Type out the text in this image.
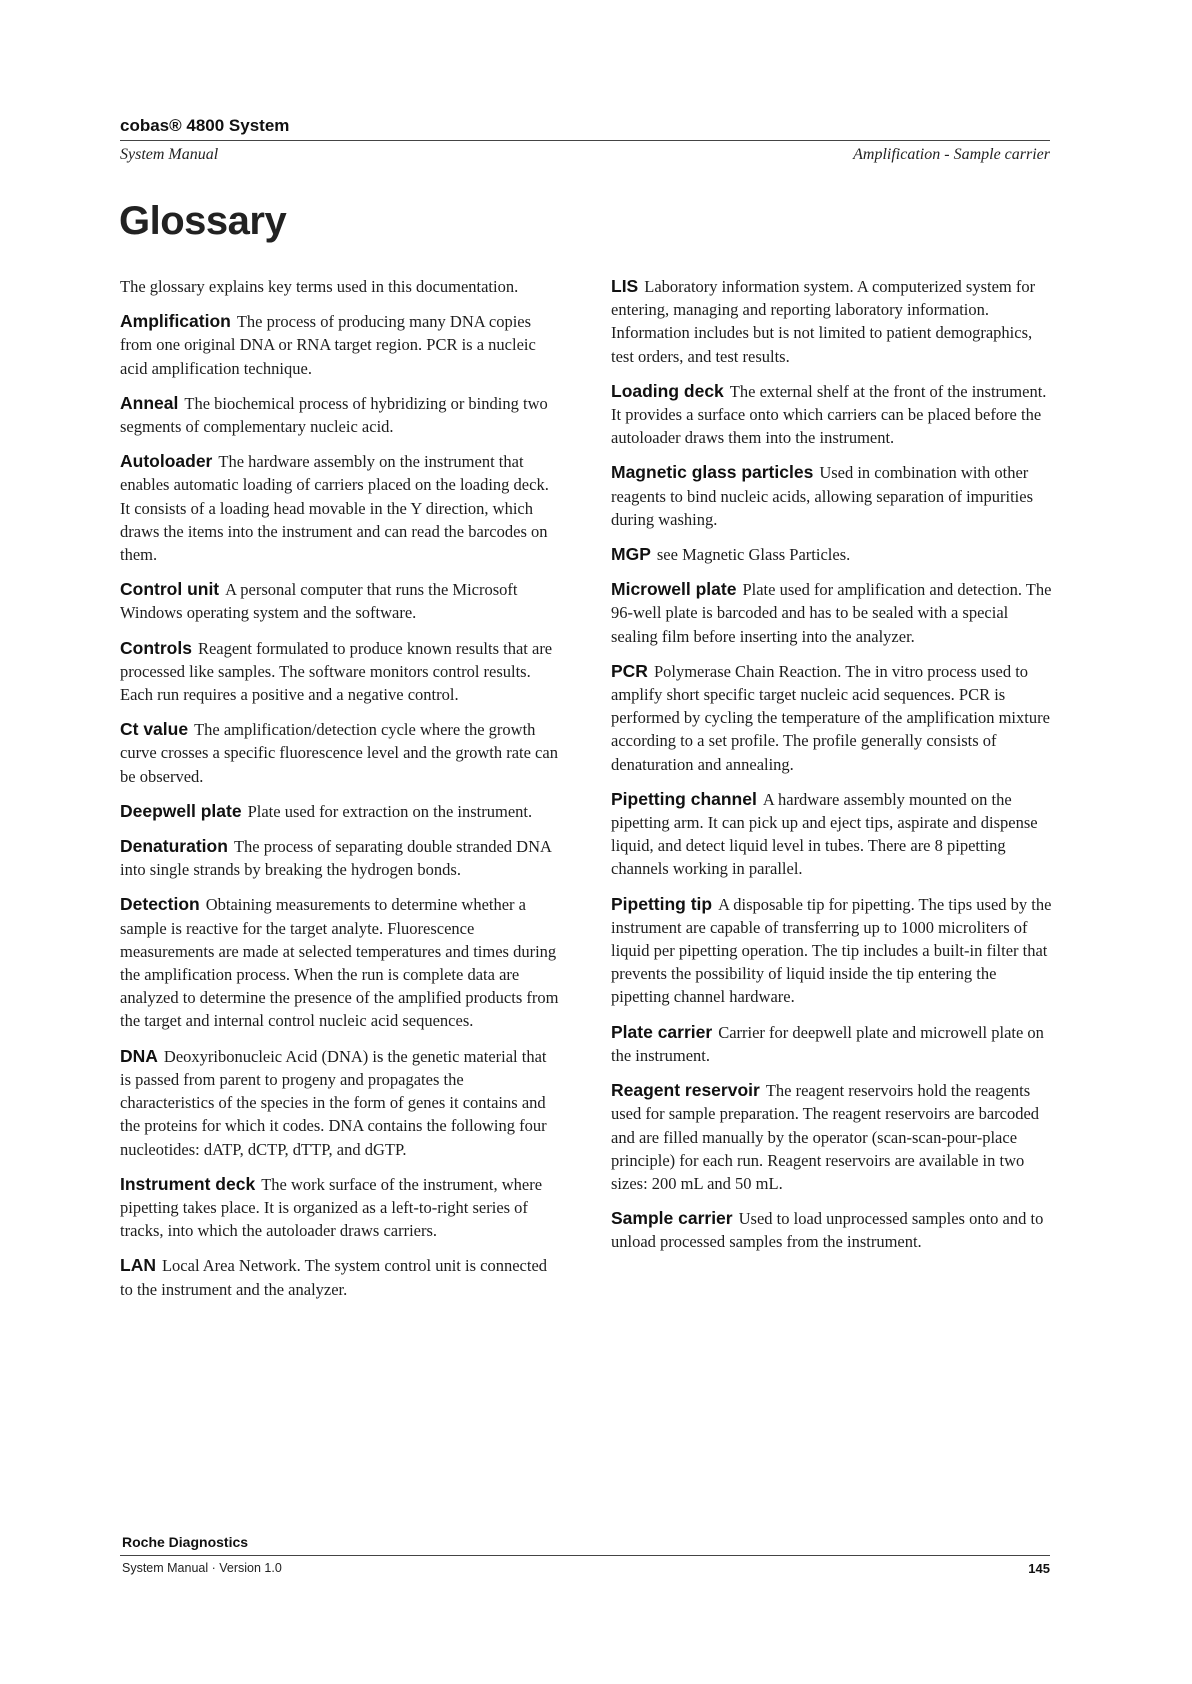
cobas® 4800 System
System Manual	Amplification - Sample carrier
Glossary

The glossary explains key terms used in this documentation.

Amplification The process of producing many DNA copies from one original DNA or RNA target region. PCR is a nucleic acid amplification technique.

Anneal The biochemical process of hybridizing or binding two segments of complementary nucleic acid.

Autoloader The hardware assembly on the instrument that enables automatic loading of carriers placed on the loading deck. It consists of a loading head movable in the Y direction, which draws the items into the instrument and can read the barcodes on them.

Control unit A personal computer that runs the Microsoft Windows operating system and the software.

Controls Reagent formulated to produce known results that are processed like samples. The software monitors control results. Each run requires a positive and a negative control.

Ct value The amplification/detection cycle where the growth curve crosses a specific fluorescence level and the growth rate can be observed.

Deepwell plate Plate used for extraction on the instrument.

Denaturation The process of separating double stranded DNA into single strands by breaking the hydrogen bonds.

Detection Obtaining measurements to determine whether a sample is reactive for the target analyte. Fluorescence measurements are made at selected temperatures and times during the amplification process. When the run is complete data are analyzed to determine the presence of the amplified products from the target and internal control nucleic acid sequences.

DNA Deoxyribonucleic Acid (DNA) is the genetic material that is passed from parent to progeny and propagates the characteristics of the species in the form of genes it contains and the proteins for which it codes. DNA contains the following four nucleotides: dATP, dCTP, dTTP, and dGTP.

Instrument deck The work surface of the instrument, where pipetting takes place. It is organized as a left-to-right series of tracks, into which the autoloader draws carriers.

LAN Local Area Network. The system control unit is connected to the instrument and the analyzer.

LIS Laboratory information system. A computerized system for entering, managing and reporting laboratory information. Information includes but is not limited to patient demographics, test orders, and test results.

Loading deck The external shelf at the front of the instrument. It provides a surface onto which carriers can be placed before the autoloader draws them into the instrument.

Magnetic glass particles Used in combination with other reagents to bind nucleic acids, allowing separation of impurities during washing.

MGP see Magnetic Glass Particles.

Microwell plate Plate used for amplification and detection. The 96-well plate is barcoded and has to be sealed with a special sealing film before inserting into the analyzer.

PCR Polymerase Chain Reaction. The in vitro process used to amplify short specific target nucleic acid sequences. PCR is performed by cycling the temperature of the amplification mixture according to a set profile. The profile generally consists of denaturation and annealing.

Pipetting channel A hardware assembly mounted on the pipetting arm. It can pick up and eject tips, aspirate and dispense liquid, and detect liquid level in tubes. There are 8 pipetting channels working in parallel.

Pipetting tip A disposable tip for pipetting. The tips used by the instrument are capable of transferring up to 1000 microliters of liquid per pipetting operation. The tip includes a built-in filter that prevents the possibility of liquid inside the tip entering the pipetting channel hardware.

Plate carrier Carrier for deepwell plate and microwell plate on the instrument.

Reagent reservoir The reagent reservoirs hold the reagents used for sample preparation. The reagent reservoirs are barcoded and are filled manually by the operator (scan-scan-pour-place principle) for each run. Reagent reservoirs are available in two sizes: 200 mL and 50 mL.

Sample carrier Used to load unprocessed samples onto and to unload processed samples from the instrument.

Roche Diagnostics
System Manual · Version 1.0	145
